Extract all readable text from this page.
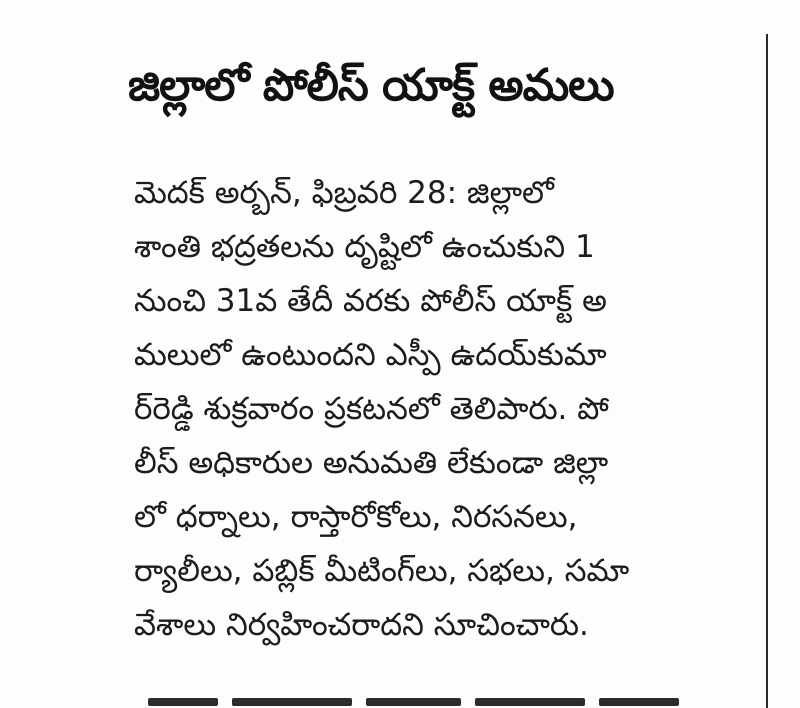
జిల్లాలో పోలీస్ యాక్ట్ అమలు
మెదక్ అర్బన్, ఫిబ్రవరి 28: జిల్లాలో
శాంతి భద్రతలను దృష్టిలో ఉంచుకుని 1
నుంచి 31వ తేదీ వరకు పోలీస్ యాక్ట్ అ
మలులో ఉంటుందని ఎస్పీ ఉదయ్‌కుమా
ర్‌రెడ్డి శుక్రవారం ప్రకటనలో తెలిపారు. పో
లీస్ అధికారుల అనుమతి లేకుండా జిల్లా
లో ధర్నాలు, రాస్తారోకోలు, నిరసనలు,
ర్యాలీలు, పబ్లిక్ మీటింగ్‌లు, సభలు, సమా
వేశాలు నిర్వహించరాదని సూచించారు.
